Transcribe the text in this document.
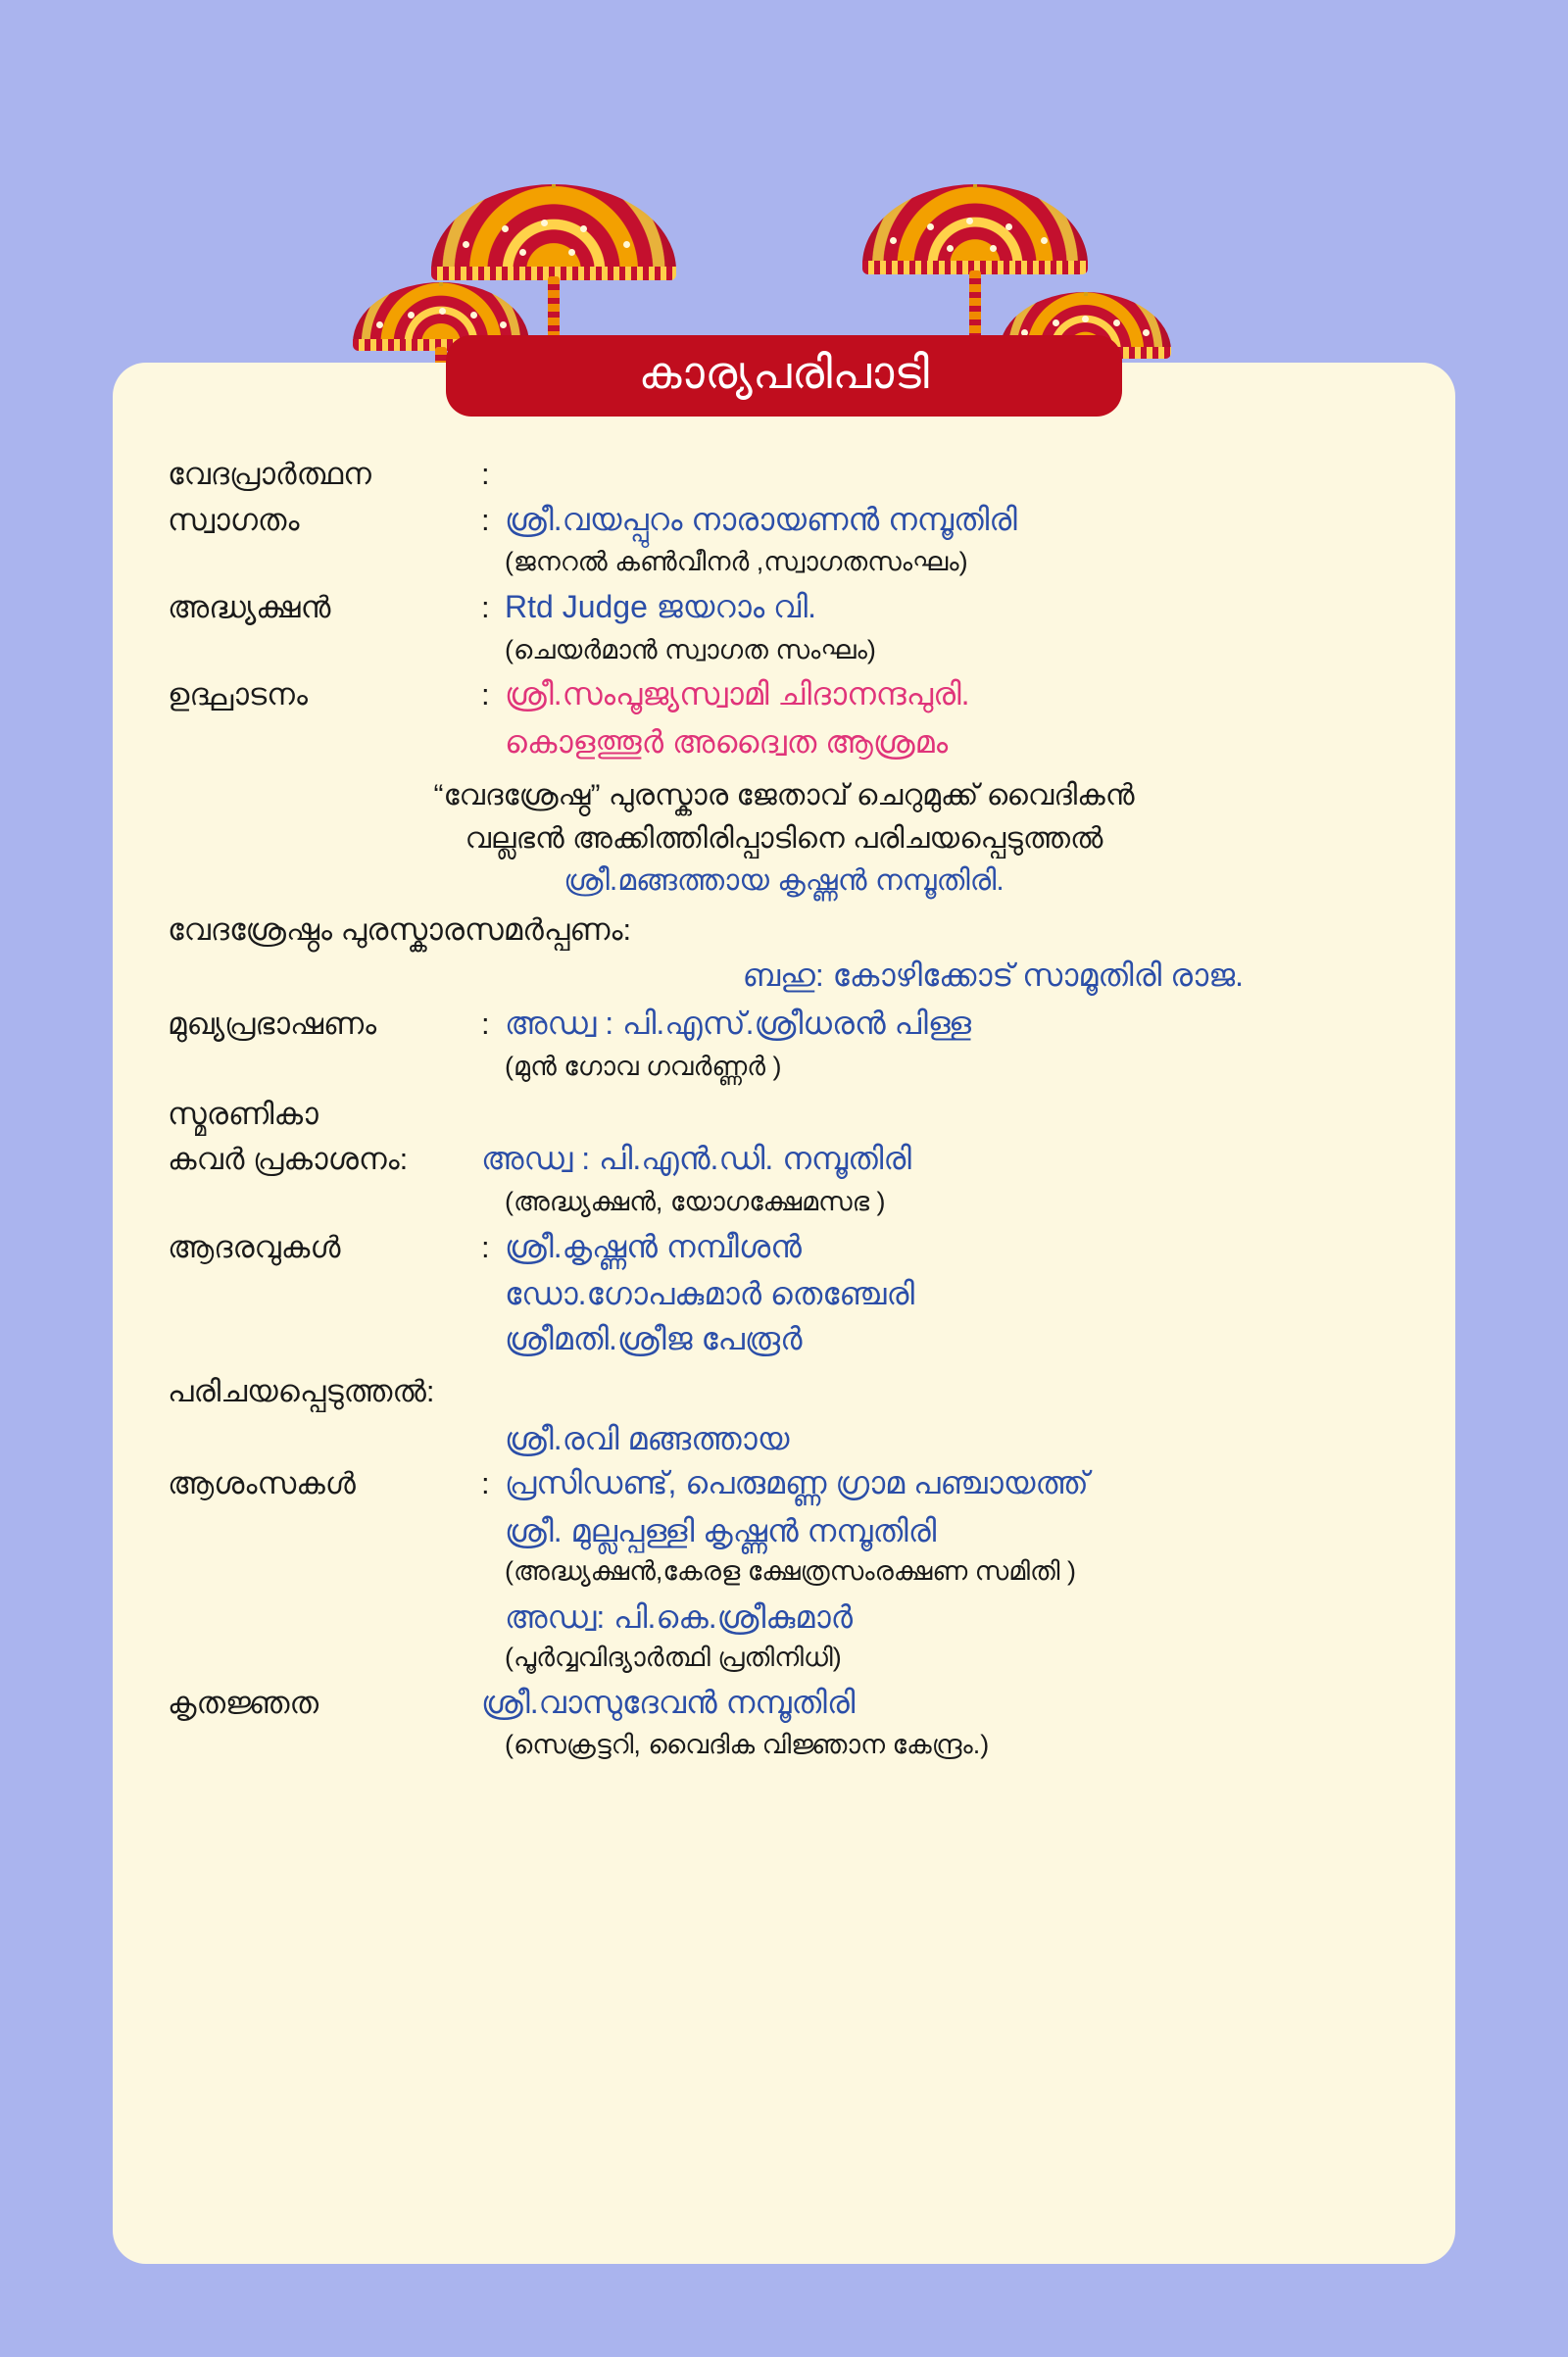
കാര്യപരിപാടി
വേദപ്രാർത്ഥന	:
സ്വാഗതം	: ശ്രീ.വയപ്പുറം നാരായണൻ നമ്പൂതിരി
(ജനറൽ കൺവീനർ ,സ്വാഗതസംഘം)
അദ്ധ്യക്ഷൻ	: Rtd Judge ജയറാം വി.
(ചെയർമാൻ സ്വാഗത സംഘം)
ഉദ്ഘാടനം	: ശ്രീ.സംപൂജ്യസ്വാമി ചിദാനന്ദപുരി.
കൊളത്തൂർ അദ്വൈത ആശ്രമം
“വേദശ്രേഷ്ഠ” പുരസ്കാര ജേതാവ് ചെറുമുക്ക് വൈദികൻ
വല്ലഭൻ അക്കിത്തിരിപ്പാടിനെ പരിചയപ്പെടുത്തൽ
ശ്രീ.മങ്ങത്തായ കൃഷ്ണൻ നമ്പൂതിരി.
വേദശ്രേഷ്ഠം പുരസ്കാരസമർപ്പണം:
ബഹു: കോഴിക്കോട് സാമൂതിരി രാജ.
മുഖ്യപ്രഭാഷണം	: അഡ്വ : പി.എസ്.ശ്രീധരൻ പിള്ള
(മുൻ ഗോവ ഗവർണ്ണർ )
സ്മരണികാ
കവർ പ്രകാശനം:	അഡ്വ : പി.എൻ.ഡി. നമ്പൂതിരി
(അദ്ധ്യക്ഷൻ, യോഗക്ഷേമസഭ )
ആദരവുകൾ	: ശ്രീ.കൃഷ്ണൻ നമ്പീശൻ
ഡോ.ഗോപകുമാർ തെഞ്ചേരി
ശ്രീമതി.ശ്രീജ പേരൂർ
പരിചയപ്പെടുത്തൽ:
ശ്രീ.രവി മങ്ങത്തായ
ആശംസകൾ	: പ്രസിഡണ്ട്, പെരുമണ്ണ ഗ്രാമ പഞ്ചായത്ത്
ശ്രീ. മുല്ലപ്പള്ളി കൃഷ്ണൻ നമ്പൂതിരി
(അദ്ധ്യക്ഷൻ,കേരള ക്ഷേത്രസംരക്ഷണ സമിതി )
അഡ്വ: പി.കെ.ശ്രീകുമാർ
(പൂർവ്വവിദ്യാർത്ഥി പ്രതിനിധി)
കൃതജ്ഞത	ശ്രീ.വാസുദേവൻ നമ്പൂതിരി
(സെക്രട്ടറി, വൈദിക വിജ്ഞാന കേന്ദ്രം.)
